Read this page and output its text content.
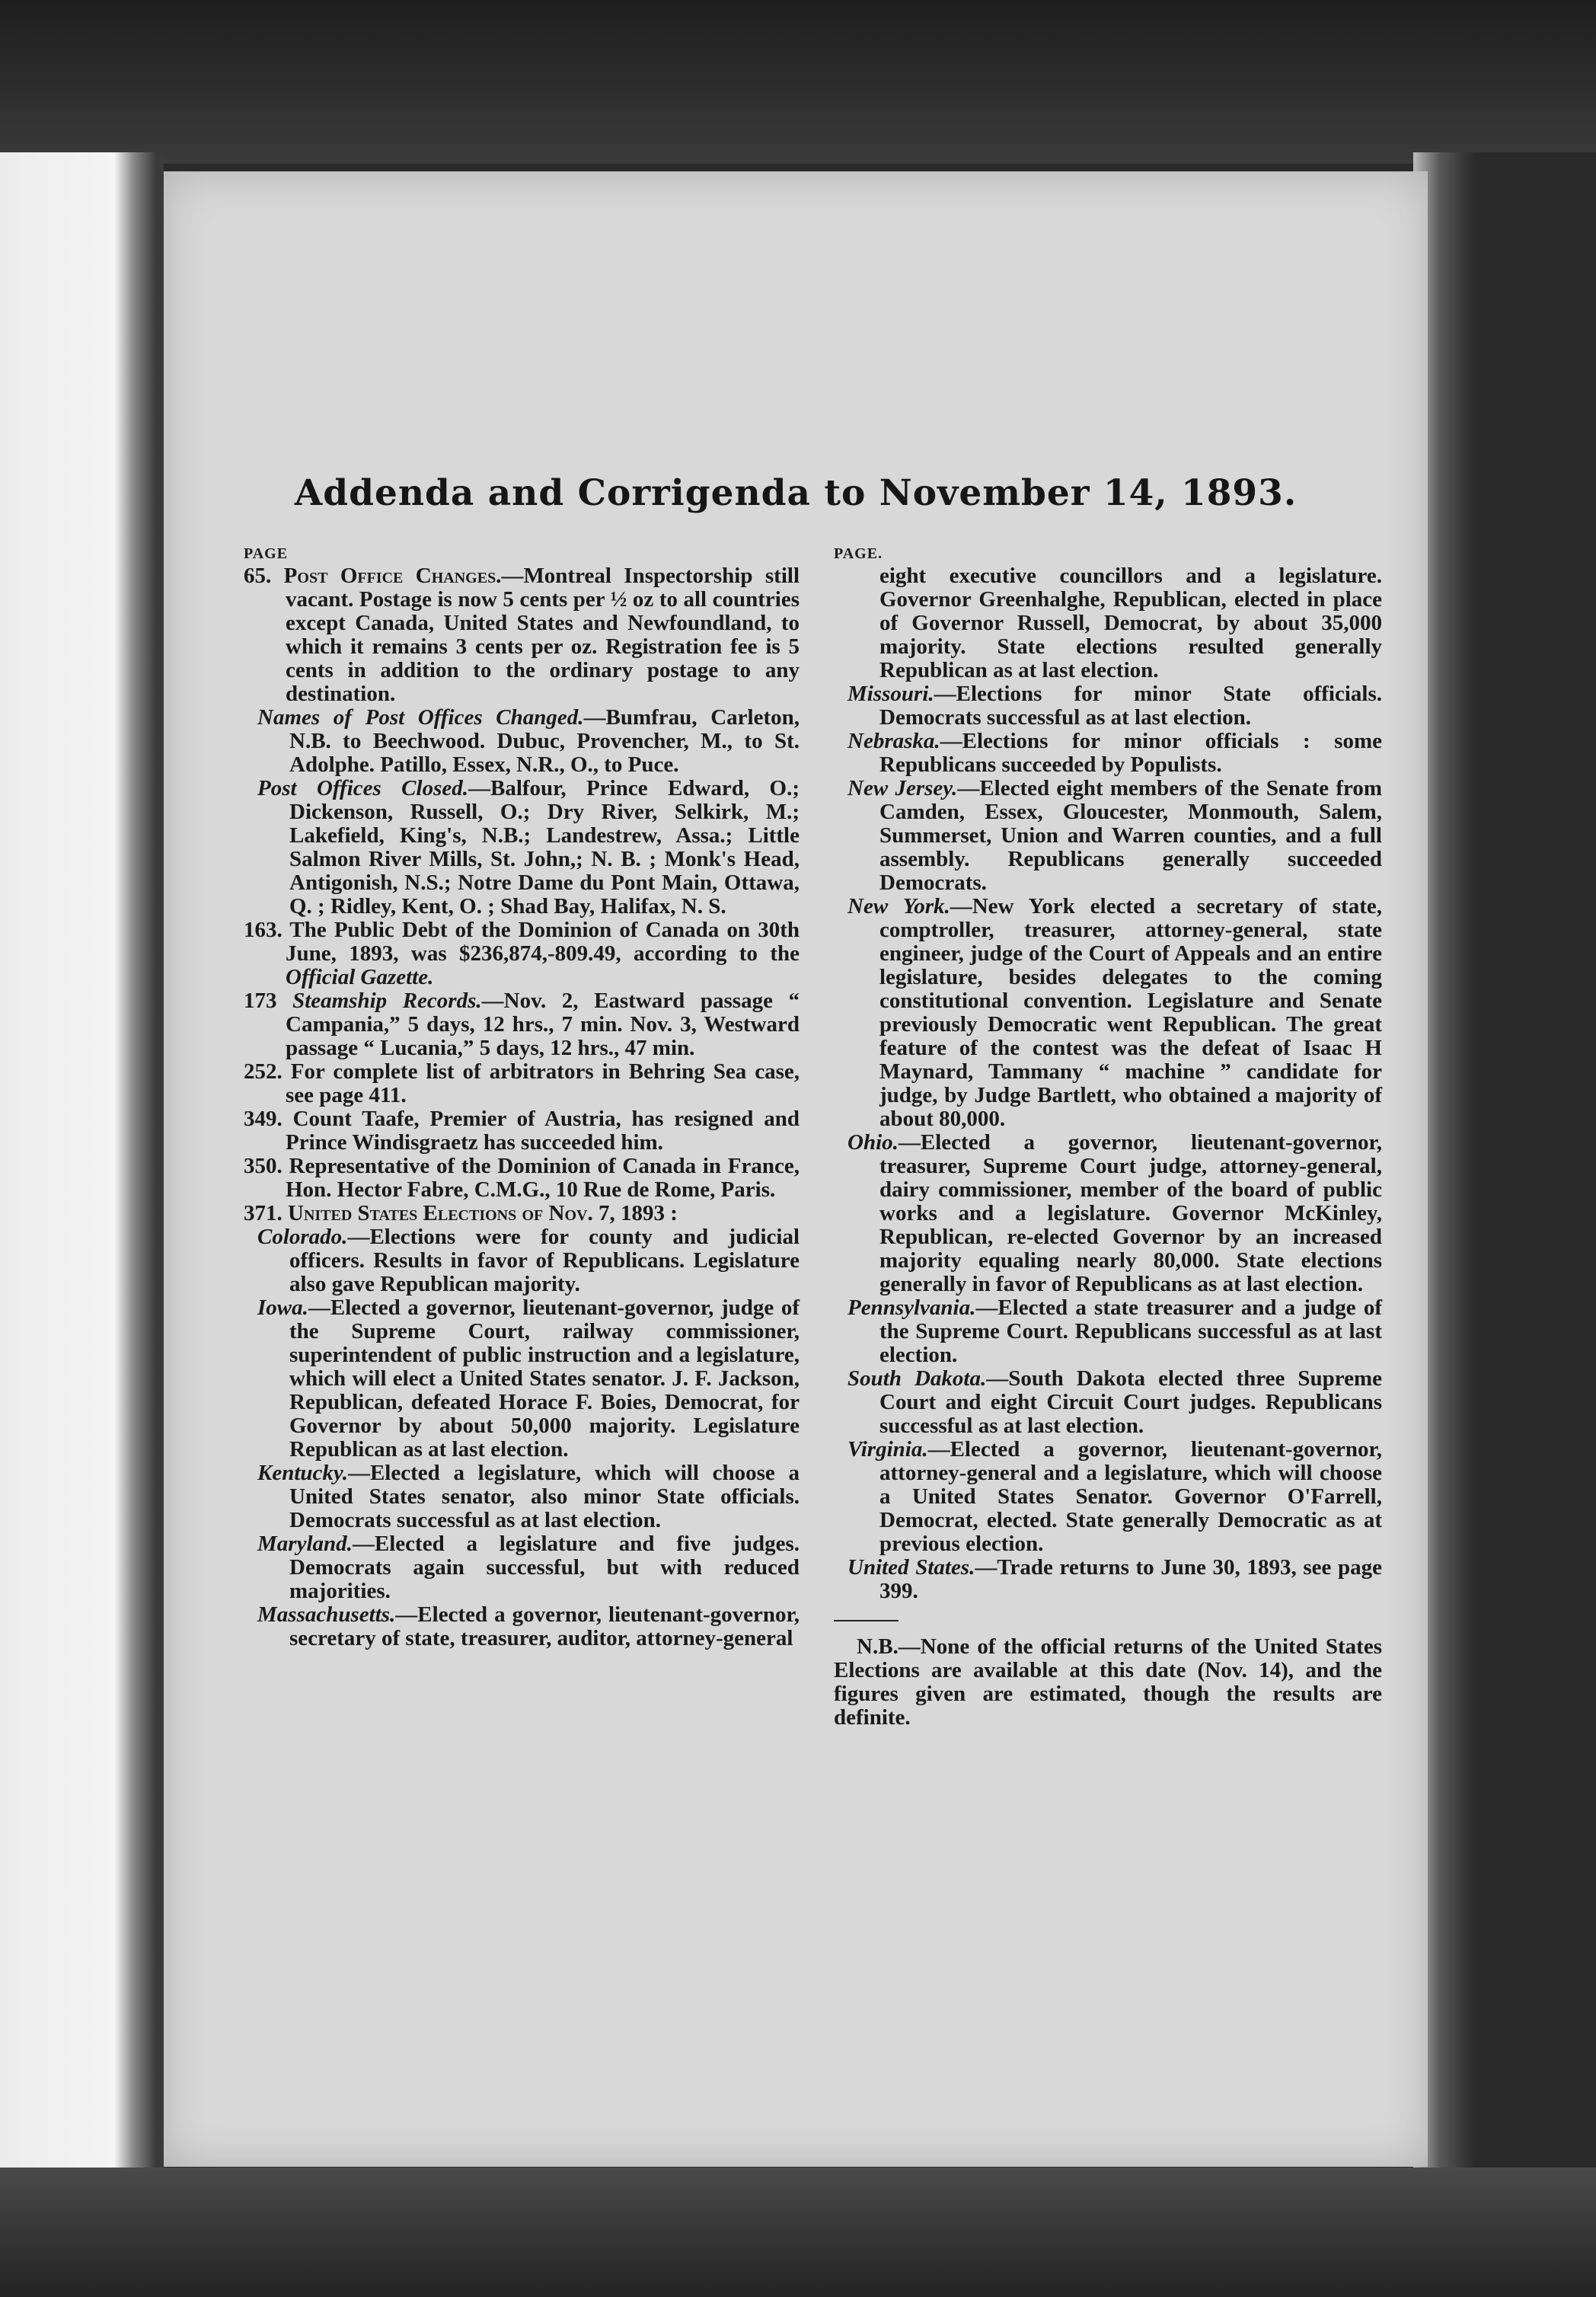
Addenda and Corrigenda to November 14, 1893.
PAGE

65. Post Office Changes.—Montreal Inspectorship still vacant. Postage is now 5 cents per ½ oz to all countries except Canada, United States and Newfoundland, to which it remains 3 cents per oz. Registration fee is 5 cents in addition to the ordinary postage to any destination.

Names of Post Offices Changed.—Bumfrau, Carleton, N.B. to Beechwood. Dubuc, Provencher, M., to St. Adolphe. Patillo, Essex, N.R., O., to Puce.

Post Offices Closed.—Balfour, Prince Edward, O.; Dickenson, Russell, O.; Dry River, Selkirk, M.; Lakefield, King's, N.B.; Landestrew, Assa.; Little Salmon River Mills, St. John,; N. B. ; Monk's Head, Antigonish, N.S.; Notre Dame du Pont Main, Ottawa, Q. ; Ridley, Kent, O. ; Shad Bay, Halifax, N. S.

163. The Public Debt of the Dominion of Canada on 30th June, 1893, was $236,874,-809.49, according to the Official Gazette.

173 Steamship Records.—Nov. 2, Eastward passage “ Campania,” 5 days, 12 hrs., 7 min. Nov. 3, Westward passage “ Lucania,” 5 days, 12 hrs., 47 min.

252. For complete list of arbitrators in Behring Sea case, see page 411.

349. Count Taafe, Premier of Austria, has resigned and Prince Windisgraetz has succeeded him.

350. Representative of the Dominion of Canada in France, Hon. Hector Fabre, C.M.G., 10 Rue de Rome, Paris.

371. United States Elections of Nov. 7, 1893 :

Colorado.—Elections were for county and judicial officers. Results in favor of Republicans. Legislature also gave Republican majority.

Iowa.—Elected a governor, lieutenant-governor, judge of the Supreme Court, railway commissioner, superintendent of public instruction and a legislature, which will elect a United States senator. J. F. Jackson, Republican, defeated Horace F. Boies, Democrat, for Governor by about 50,000 majority. Legislature Republican as at last election.

Kentucky.—Elected a legislature, which will choose a United States senator, also minor State officials. Democrats successful as at last election.

Maryland.—Elected a legislature and five judges. Democrats again successful, but with reduced majorities.

Massachusetts.—Elected a governor, lieutenant-governor, secretary of state, treasurer, auditor, attorney-general

PAGE.

eight executive councillors and a legislature. Governor Greenhalghe, Republican, elected in place of Governor Russell, Democrat, by about 35,000 majority. State elections resulted generally Republican as at last election.

Missouri.—Elections for minor State officials. Democrats successful as at last election.

Nebraska.—Elections for minor officials : some Republicans succeeded by Populists.

New Jersey.—Elected eight members of the Senate from Camden, Essex, Gloucester, Monmouth, Salem, Summerset, Union and Warren counties, and a full assembly. Republicans generally succeeded Democrats.

New York.—New York elected a secretary of state, comptroller, treasurer, attorney-general, state engineer, judge of the Court of Appeals and an entire legislature, besides delegates to the coming constitutional convention. Legislature and Senate previously Democratic went Republican. The great feature of the contest was the defeat of Isaac H Maynard, Tammany “ machine ” candidate for judge, by Judge Bartlett, who obtained a majority of about 80,000.

Ohio.—Elected a governor, lieutenant-governor, treasurer, Supreme Court judge, attorney-general, dairy commissioner, member of the board of public works and a legislature. Governor McKinley, Republican, re-elected Governor by an increased majority equaling nearly 80,000. State elections generally in favor of Republicans as at last election.

Pennsylvania.—Elected a state treasurer and a judge of the Supreme Court. Republicans successful as at last election.

South Dakota.—South Dakota elected three Supreme Court and eight Circuit Court judges. Republicans successful as at last election.

Virginia.—Elected a governor, lieutenant-governor, attorney-general and a legislature, which will choose a United States Senator. Governor O'Farrell, Democrat, elected. State generally Democratic as at previous election.

United States.—Trade returns to June 30, 1893, see page 399.

N.B.—None of the official returns of the United States Elections are available at this date (Nov. 14), and the figures given are estimated, though the results are definite.
